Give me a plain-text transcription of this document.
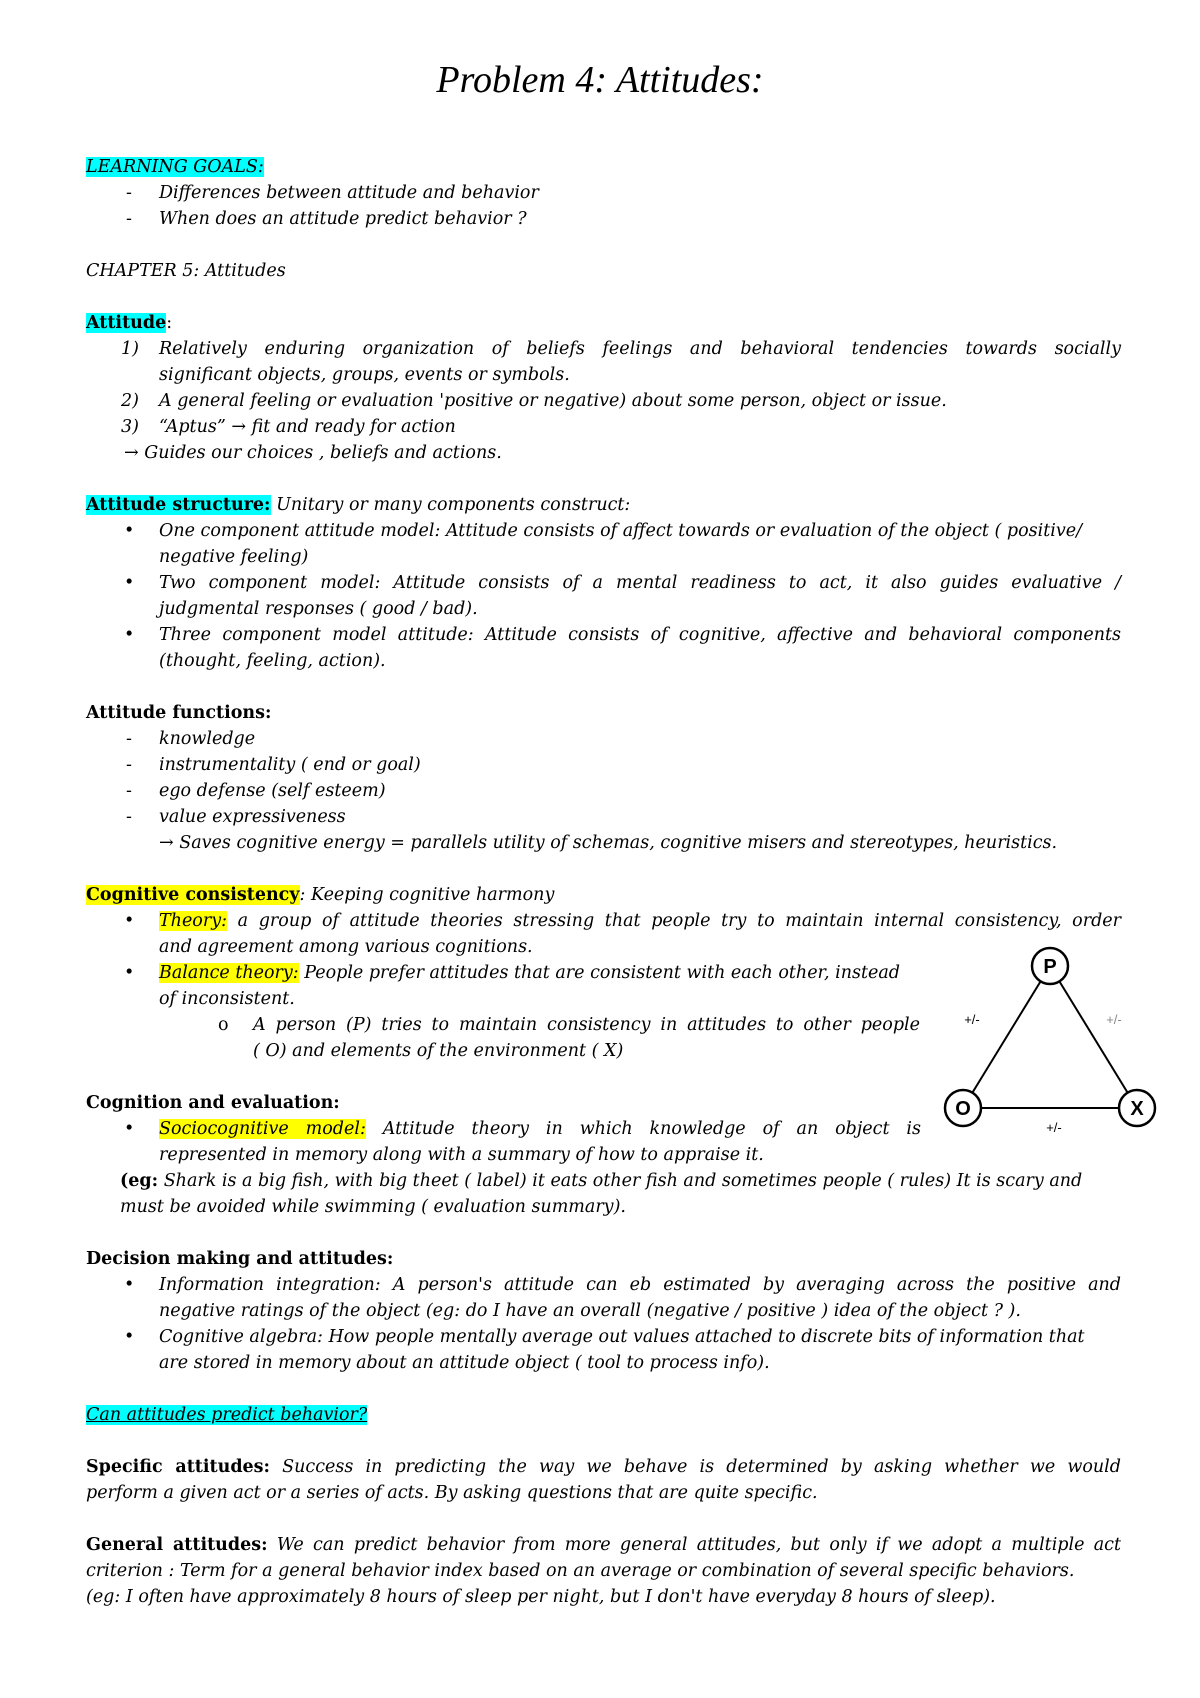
Problem 4: Attitudes:
LEARNING GOALS:
- Differences between attitude and behavior
- When does an attitude predict behavior ?
CHAPTER 5: Attitudes
Attitude:
1) Relatively enduring organization of beliefs feelings and behavioral tendencies towards socially
significant objects, groups, events or symbols.
2) A general feeling or evaluation 'positive or negative) about some person, object or issue.
3) “Aptus” → fit and ready for action
→ Guides our choices , beliefs and actions.
Attitude structure: Unitary or many components construct:
• One component attitude model: Attitude consists of affect towards or evaluation of the object ( positive/
negative feeling)
• Two component model: Attitude consists of a mental readiness to act, it also guides evaluative /
judgmental responses ( good / bad).
• Three component model attitude: Attitude consists of cognitive, affective and behavioral components
(thought, feeling, action).
Attitude functions:
- knowledge
- instrumentality ( end or goal)
- ego defense (self esteem)
- value expressiveness
→ Saves cognitive energy = parallels utility of schemas, cognitive misers and stereotypes, heuristics.
Cognitive consistency: Keeping cognitive harmony
• Theory: a group of attitude theories stressing that people try to maintain internal consistency, order
and agreement among various cognitions.
• Balance theory: People prefer attitudes that are consistent with each other, instead
of inconsistent.
o A person (P) tries to maintain consistency in attitudes to other people
( O) and elements of the environment ( X)
P
O	X
+/-	+/-
+/-
Cognition and evaluation:
• Sociocognitive model: Attitude theory in which knowledge of an object is
represented in memory along with a summary of how to appraise it.
(eg: Shark is a big fish, with big theet ( label) it eats other fish and sometimes people ( rules) It is scary and
must be avoided while swimming ( evaluation summary).
Decision making and attitudes:
• Information integration: A person's attitude can eb estimated by averaging across the positive and
negative ratings of the object (eg: do I have an overall (negative / positive ) idea of the object ? ).
• Cognitive algebra: How people mentally average out values attached to discrete bits of information that
are stored in memory about an attitude object ( tool to process info).
Can attitudes predict behavior?
Specific attitudes: Success in predicting the way we behave is determined by asking whether we would
perform a given act or a series of acts. By asking questions that are quite specific.
General attitudes: We can predict behavior from more general attitudes, but only if we adopt a multiple act
criterion : Term for a general behavior index based on an average or combination of several specific behaviors.
(eg: I often have approximately 8 hours of sleep per night, but I don't have everyday 8 hours of sleep).
